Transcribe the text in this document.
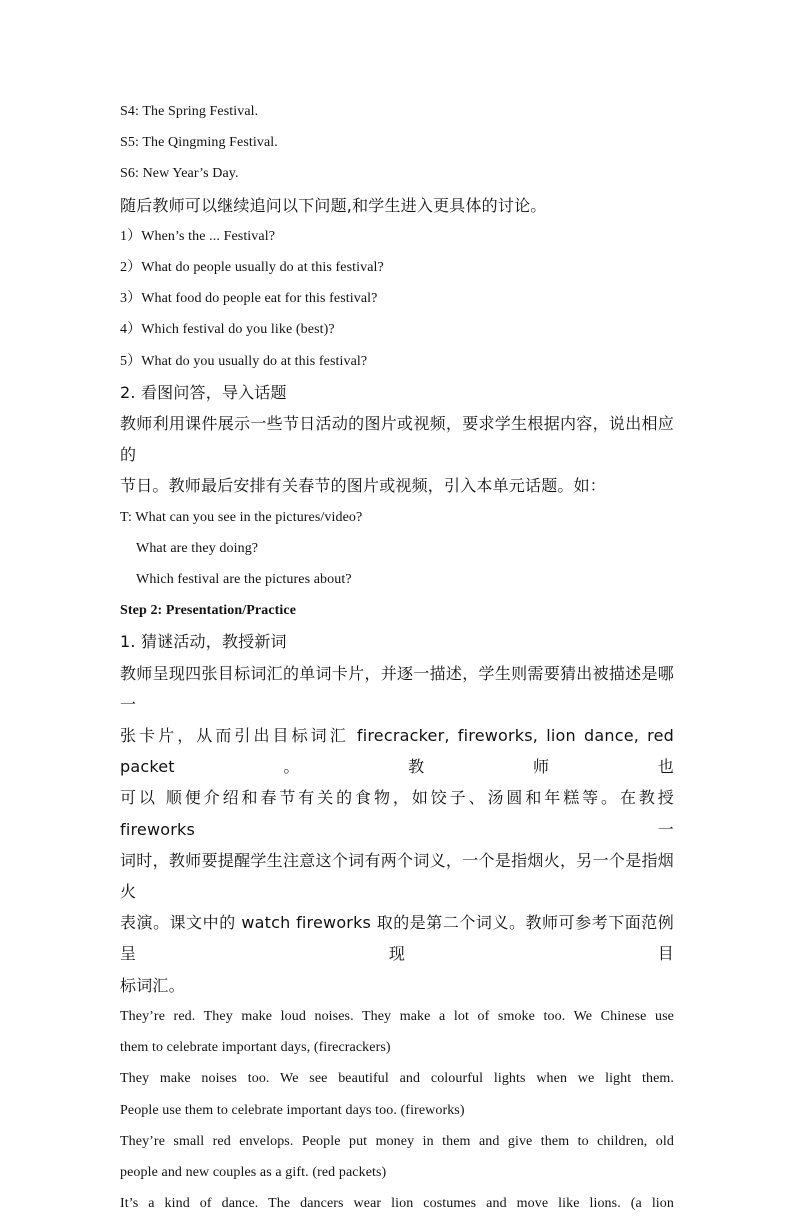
S4: The Spring Festival.
S5: The Qingming Festival.
S6: New Year’s Day.
随后教师可以继续追问以下问题,和学生进入更具体的讨论。
1）When’s the ... Festival?
2）What do people usually do at this festival?
3）What food do people eat for this festival?
4）Which festival do you like (best)?
5）What do you usually do at this festival?
2. 看图问答，导入话题
教师利用课件展示一些节日活动的图片或视频，要求学生根据内容，说出相应的
节日。教师最后安排有关春节的图片或视频，引入本单元话题。如：
T: What can you see in the pictures/video?
What are they doing?
Which festival are the pictures about?
Step 2: Presentation/Practice
1. 猜谜活动，教授新词
教师呈现四张目标词汇的单词卡片，并逐一描述，学生则需要猜出被描述是哪一
张卡片，从而引出目标词汇 firecracker, fireworks, lion dance, red packet。教师也
可以 顺便介绍和春节有关的食物，如饺子、汤圆和年糕等。在教授 fireworks 一
词时，教师要提醒学生注意这个词有两个词义，一个是指烟火，另一个是指烟火
表演。课文中的 watch fireworks 取的是第二个词义。教师可参考下面范例呈现目
标词汇。
They’re red. They make loud noises. They make a lot of smoke too. We Chinese use
them to celebrate important days, (firecrackers)
They make noises too. We see beautiful and colourful lights when we light them.
People use them to celebrate important days too. (fireworks)
They’re small red envelops. People put money in them and give them to children, old
people and new couples as a gift. (red packets)
It’s a kind of dance. The dancers wear lion costumes and move like lions. (a lion
